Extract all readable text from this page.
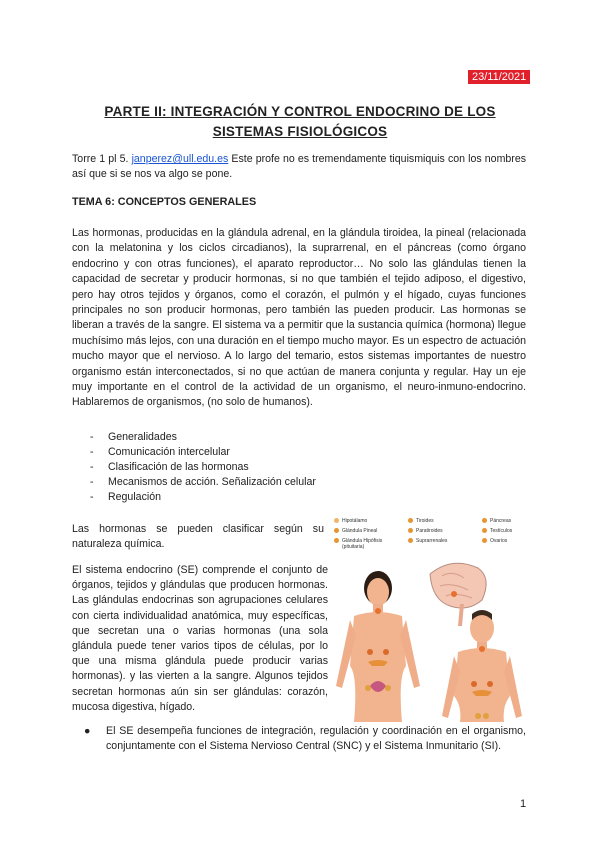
23/11/2021
PARTE II: INTEGRACIÓN Y CONTROL ENDOCRINO DE LOS
SISTEMAS FISIOLÓGICOS
Torre 1 pl 5. janperez@ull.edu.es Este profe no es tremendamente tiquismiquis con los nombres así que si se nos va algo se pone.
TEMA 6: CONCEPTOS GENERALES
Las hormonas, producidas en la glándula adrenal, en la glándula tiroidea, la pineal (relacionada con la melatonina y los ciclos circadianos), la suprarrenal, en el páncreas (como órgano endocrino y con otras funciones), el aparato reproductor… No solo las glándulas tienen la capacidad de secretar y producir hormonas, si no que también el tejido adiposo, el digestivo, pero hay otros tejidos y órganos, como el corazón, el pulmón y el hígado, cuyas funciones principales no son producir hormonas, pero también las pueden producir. Las hormonas se liberan a través de la sangre. El sistema va a permitir que la sustancia química (hormona) llegue muchísimo más lejos, con una duración en el tiempo mucho mayor. Es un espectro de actuación mucho mayor que el nervioso. A lo largo del temario, estos sistemas importantes de nuestro organismo están interconectados, si no que actúan de manera conjunta y regular. Hay un eje muy importante en el control de la actividad de un organismo, el neuro-inmuno-endocrino. Hablaremos de organismos, (no solo de humanos).
- Generalidades
- Comunicación intercelular
- Clasificación de las hormonas
- Mecanismos de acción. Señalización celular
- Regulación
Las hormonas se pueden clasificar según su naturaleza química.
El sistema endocrino (SE) comprende el conjunto de órganos, tejidos y glándulas que producen hormonas. Las glándulas endocrinas son agrupaciones celulares con cierta individualidad anatómica, muy específicas, que secretan una o varias hormonas (una sola glándula puede tener varios tipos de células, por lo que una misma glándula puede producir varias hormonas). y las vierten a la sangre. Algunos tejidos secretan hormonas aún sin ser glándulas: corazón, mucosa digestiva, hígado.
Hipotálamo
Glándula Pineal
Glándula Hipófisis
(pituitaria)
Tiroides
Paratiroides
Suprarrenales
Páncreas
Testículos
Ovarios
● El SE desempeña funciones de integración, regulación y coordinación en el organismo, conjuntamente con el Sistema Nervioso Central (SNC) y el Sistema Inmunitario (SI).
1
